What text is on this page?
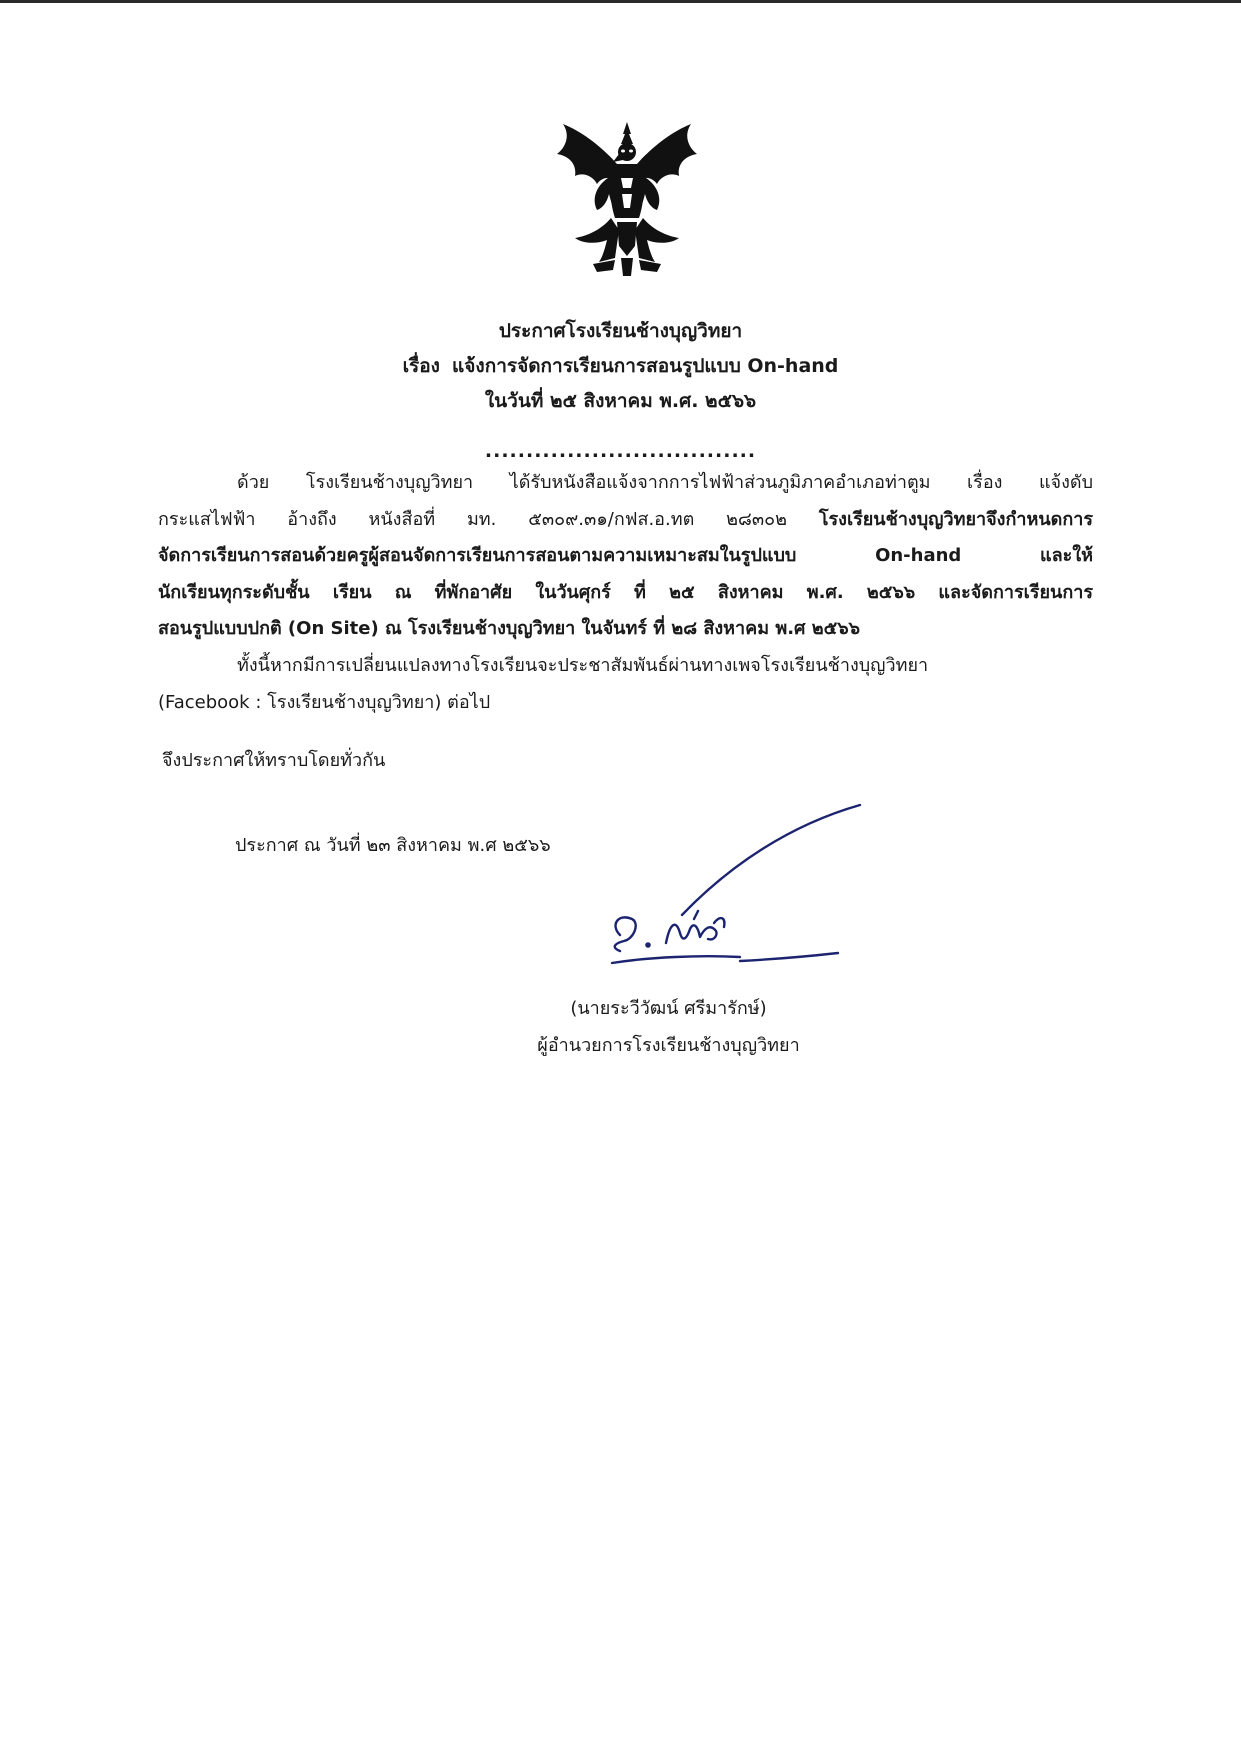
ประกาศโรงเรียนช้างบุญวิทยา
เรื่อง แจ้งการจัดการเรียนการสอนรูปแบบ On-hand
ในวันที่ ๒๕ สิงหาคม พ.ศ. ๒๕๖๖
.................................
ด้วย โรงเรียนช้างบุญวิทยา ได้รับหนังสือแจ้งจากการไฟฟ้าส่วนภูมิภาคอำเภอท่าตูม เรื่อง แจ้งดับ
กระแสไฟฟ้า อ้างถึง หนังสือที่ มท. ๕๓๐๙.๓๑/กฟส.อ.ทต ๒๘๓๐๒ โรงเรียนช้างบุญวิทยาจึงกำหนดการ
จัดการเรียนการสอนด้วยครูผู้สอนจัดการเรียนการสอนตามความเหมาะสมในรูปแบบ On-hand และให้
นักเรียนทุกระดับชั้น เรียน ณ ที่พักอาศัย ในวันศุกร์ ที่ ๒๕ สิงหาคม พ.ศ. ๒๕๖๖ และจัดการเรียนการ
สอนรูปแบบปกติ (On Site) ณ โรงเรียนช้างบุญวิทยา ในจันทร์ ที่ ๒๘ สิงหาคม พ.ศ ๒๕๖๖
ทั้งนี้หากมีการเปลี่ยนแปลงทางโรงเรียนจะประชาสัมพันธ์ผ่านทางเพจโรงเรียนช้างบุญวิทยา
(Facebook : โรงเรียนช้างบุญวิทยา) ต่อไป
จึงประกาศให้ทราบโดยทั่วกัน
ประกาศ ณ วันที่ ๒๓ สิงหาคม พ.ศ ๒๕๖๖
(นายระวีวัฒน์ ศรีมารักษ์)
ผู้อำนวยการโรงเรียนช้างบุญวิทยา
